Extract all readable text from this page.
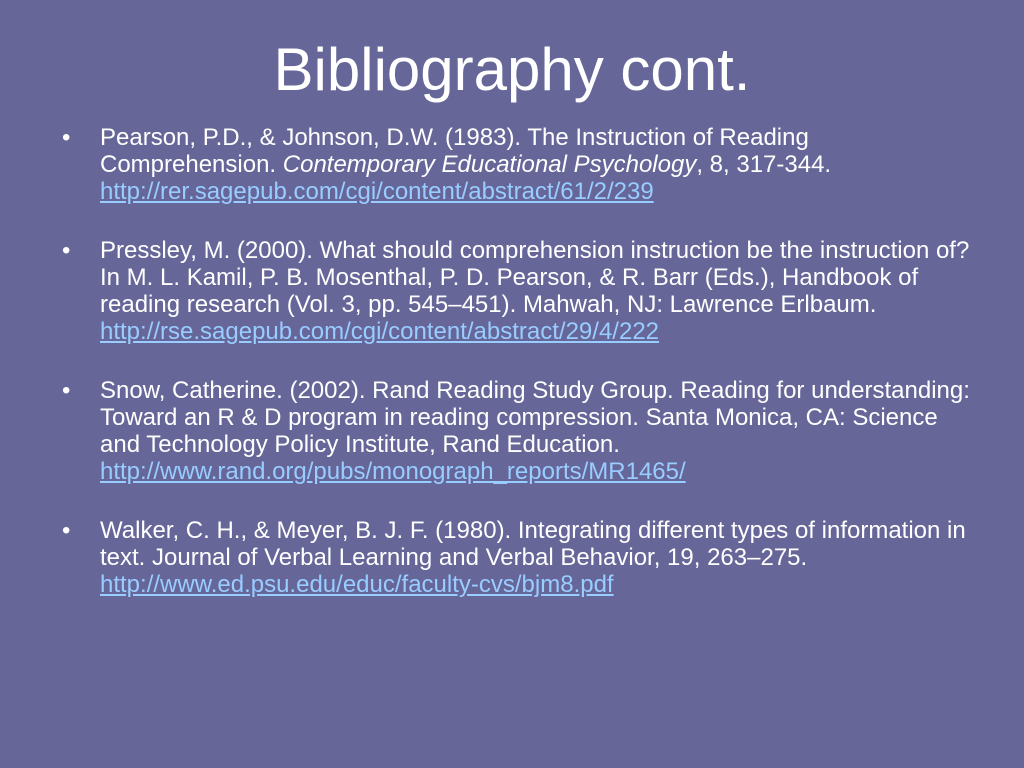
Bibliography cont.
• Pearson, P.D., & Johnson, D.W. (1983). The Instruction of Reading Comprehension. Contemporary Educational Psychology, 8, 317-344. http://rer.sagepub.com/cgi/content/abstract/61/2/239
• Pressley, M. (2000). What should comprehension instruction be the instruction of? In M. L. Kamil, P. B. Mosenthal, P. D. Pearson, & R. Barr (Eds.), Handbook of reading research (Vol. 3, pp. 545–451). Mahwah, NJ: Lawrence Erlbaum.
http://rse.sagepub.com/cgi/content/abstract/29/4/222
• Snow, Catherine. (2002). Rand Reading Study Group. Reading for understanding: Toward an R & D program in reading compression. Santa Monica, CA: Science and Technology Policy Institute, Rand Education. http://www.rand.org/pubs/monograph_reports/MR1465/
• Walker, C. H., & Meyer, B. J. F. (1980). Integrating different types of information in text. Journal of Verbal Learning and Verbal Behavior, 19, 263–275. http://www.ed.psu.edu/educ/faculty-cvs/bjm8.pdf
